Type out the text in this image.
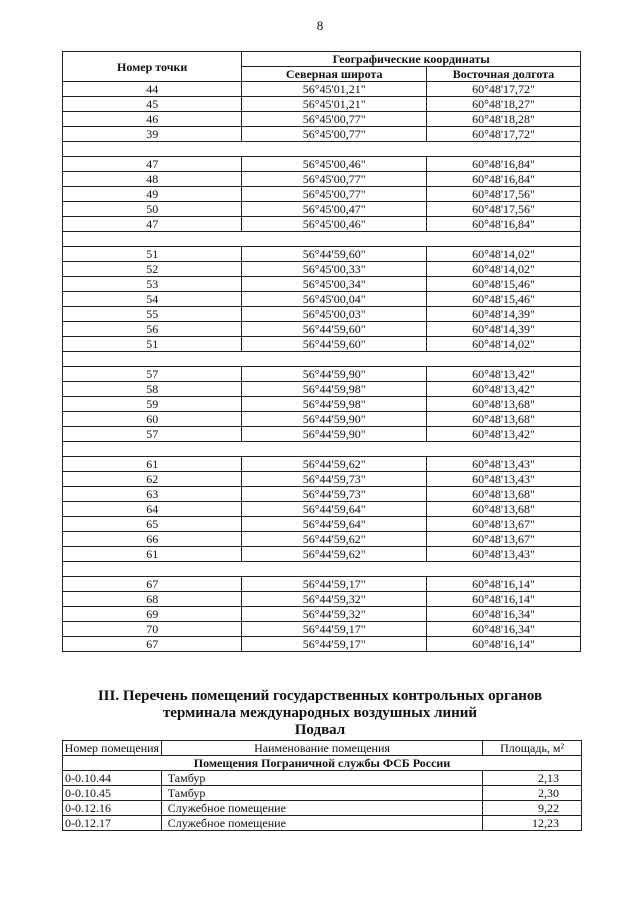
8
Номер точки	Географические координаты	
	Северная широта	Восточная долгота
44	56°45'01,21"	60°48'17,72"
45	56°45'01,21"	60°48'18,27"
46	56°45'00,77"	60°48'18,28"
39	56°45'00,77"	60°48'17,72"

47	56°45'00,46"	60°48'16,84"
48	56°45'00,77"	60°48'16,84"
49	56°45'00,77"	60°48'17,56"
50	56°45'00,47"	60°48'17,56"
47	56°45'00,46"	60°48'16,84"

51	56°44'59,60"	60°48'14,02"
52	56°45'00,33"	60°48'14,02"
53	56°45'00,34"	60°48'15,46"
54	56°45'00,04"	60°48'15,46"
55	56°45'00,03"	60°48'14,39"
56	56°44'59,60"	60°48'14,39"
51	56°44'59,60"	60°48'14,02"

57	56°44'59,90"	60°48'13,42"
58	56°44'59,98"	60°48'13,42"
59	56°44'59,98"	60°48'13,68"
60	56°44'59,90"	60°48'13,68"
57	56°44'59,90"	60°48'13,42"

61	56°44'59,62"	60°48'13,43"
62	56°44'59,73"	60°48'13,43"
63	56°44'59,73"	60°48'13,68"
64	56°44'59,64"	60°48'13,68"
65	56°44'59,64"	60°48'13,67"
66	56°44'59,62"	60°48'13,67"
61	56°44'59,62"	60°48'13,43"

67	56°44'59,17"	60°48'16,14"
68	56°44'59,32"	60°48'16,14"
69	56°44'59,32"	60°48'16,34"
70	56°44'59,17"	60°48'16,34"
67	56°44'59,17"	60°48'16,14"
III. Перечень помещений государственных контрольных органов
терминала международных воздушных линий
Подвал
Номер помещения	Наименование помещения	Площадь, м²
Помещения Пограничной службы ФСБ России		
0-0.10.44	Тамбур	2,13
0-0.10.45	Тамбур	2,30
0-0.12.16	Служебное помещение	9,22
0-0.12.17	Служебное помещение	12,23
